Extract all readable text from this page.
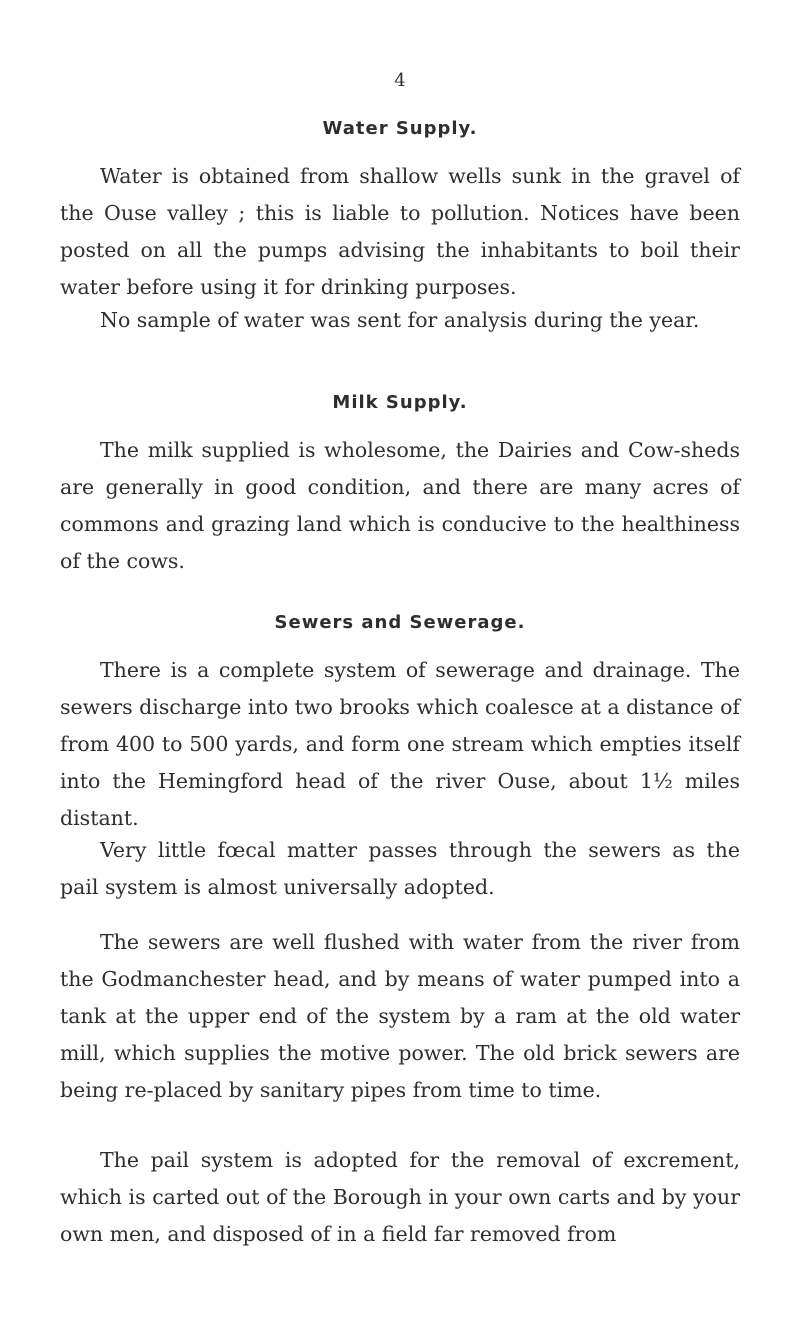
4
Water Supply.

Water is obtained from shallow wells sunk in the gravel of the Ouse valley ; this is liable to pollution. Notices have been posted on all the pumps advising the inhabitants to boil their water before using it for drinking purposes.

No sample of water was sent for analysis during the year.

Milk Supply.

The milk supplied is wholesome, the Dairies and Cow-sheds are generally in good condition, and there are many acres of commons and grazing land which is conducive to the healthiness of the cows.

Sewers and Sewerage.

There is a complete system of sewerage and drainage. The sewers discharge into two brooks which coalesce at a distance of from 400 to 500 yards, and form one stream which empties itself into the Hemingford head of the river Ouse, about 1½ miles distant.

Very little fœcal matter passes through the sewers as the pail system is almost universally adopted.

The sewers are well flushed with water from the river from the Godmanchester head, and by means of water pumped into a tank at the upper end of the system by a ram at the old water mill, which supplies the motive power. The old brick sewers are being re-placed by sanitary pipes from time to time.

The pail system is adopted for the removal of excrement, which is carted out of the Borough in your own carts and by your own men, and disposed of in a field far removed from
